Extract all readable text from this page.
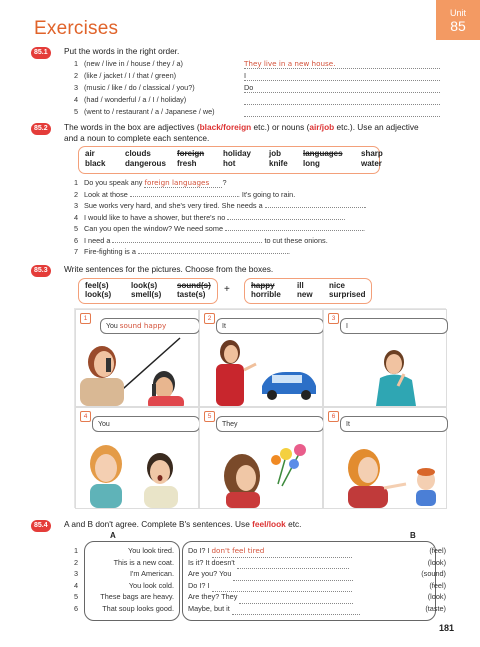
Exercises
Unit
85
85.1	Put the words in the right order.
1 (new / live in / house / they / a)	They live in a new house.
2 (like / jacket / I / that / green)	I
3 (music / like / do / classical / you?)	Do
4 (had / wonderful / a / I / holiday)
5 (went to / restaurant / a / Japanese / we)
85.2	The words in the box are adjectives (black/foreign etc.) or nouns (air/job etc.). Use an adjective
and a noun to complete each sentence.
air	clouds	foreign	holiday	job	languages	sharp
black	dangerous	fresh	hot	knife	long	water
1 Do you speak any foreign languages ?
2 Look at those	. It's going to rain.
3 Sue works very hard, and she's very tired. She needs a	.
4 I would like to have a shower, but there's no	.
5 Can you open the window? We need some	.
6 I need a	to cut these onions.
7 Fire-fighting is a	.
85.3	Write sentences for the pictures. Choose from the boxes.
feel(s)	look(s)	sound(s)
look(s)	smell(s)	taste(s)	+	happy	ill	nice
horrible	new	surprised
1
You sound happy
2
It
3
I
4
You
5
They
6
It
85.4	A and B don't agree. Complete B's sentences. Use feel/look etc.
A	B
1	You look tired. Do I? I don't feel tired	(feel)
2	This is a new coat. Is it? It doesn't	(look)
3	I'm American. Are you? You	(sound)
4	You look cold. Do I? I	(feel)
5	These bags are heavy. Are they? They	(look)
6	That soup looks good. Maybe, but it	(taste)
181
